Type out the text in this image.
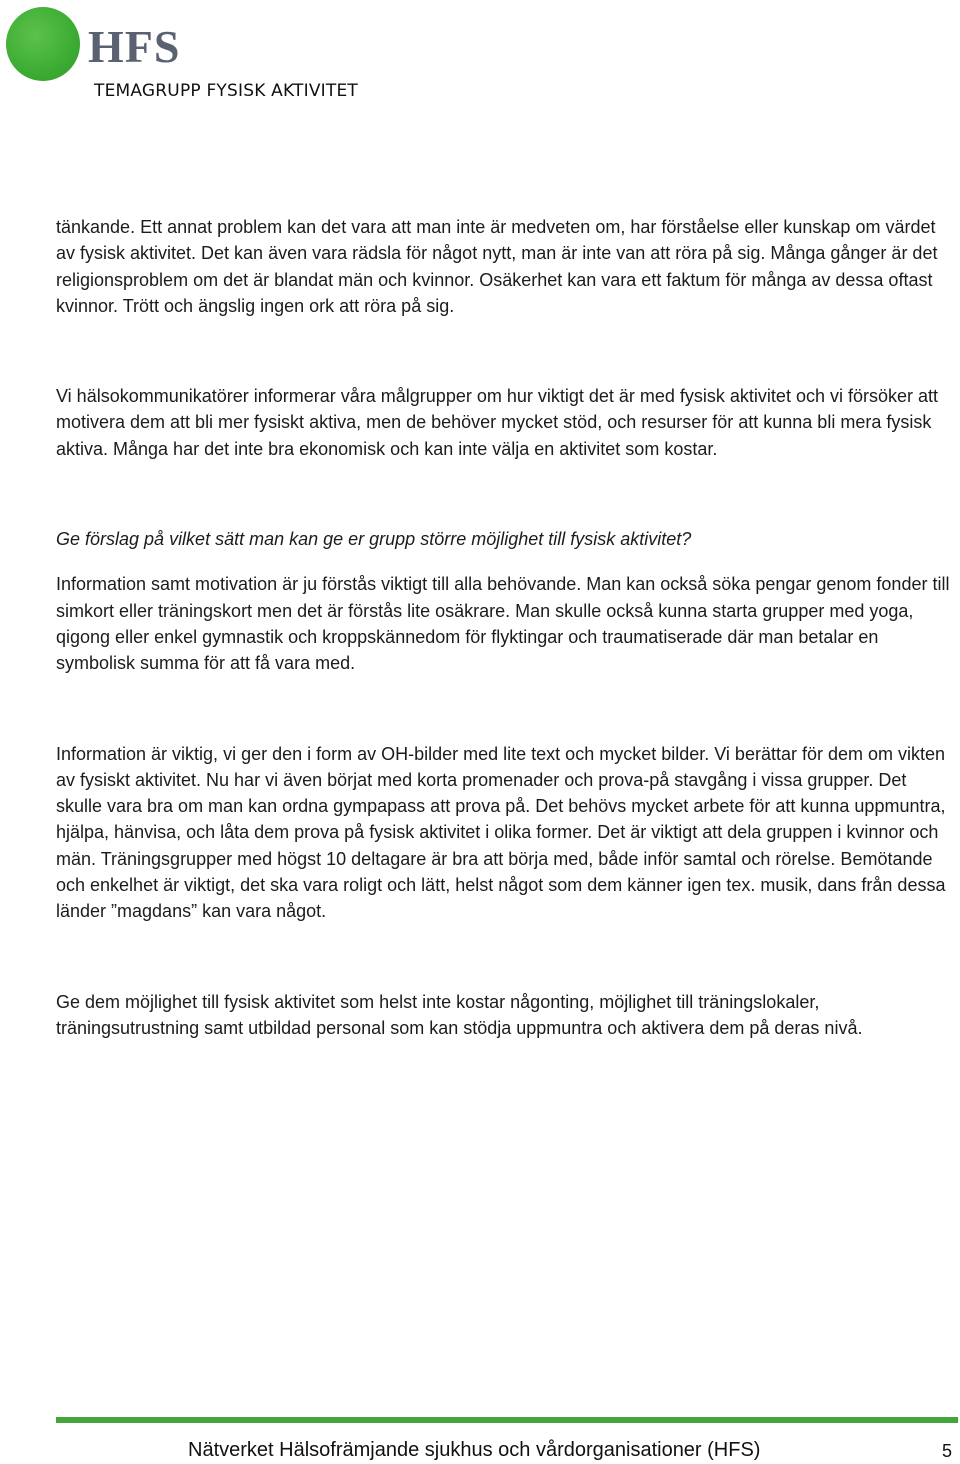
HFS
TEMAGRUPP FYSISK AKTIVITET

tänkande. Ett annat problem kan det vara att man inte är medveten om, har förståelse eller kunskap om värdet av fysisk aktivitet. Det kan även vara rädsla för något nytt, man är inte van att röra på sig. Många gånger är det religionsproblem om det är blandat män och kvinnor. Osäkerhet kan vara ett faktum för många av dessa oftast kvinnor. Trött och ängslig ingen ork att röra på sig.

Vi hälsokommunikatörer informerar våra målgrupper om hur viktigt det är med fysisk aktivitet och vi försöker att motivera dem att bli mer fysiskt aktiva, men de behöver mycket stöd, och resurser för att kunna bli mera fysisk aktiva. Många har det inte bra ekonomisk och kan inte välja en aktivitet som kostar.

Ge förslag på vilket sätt man kan ge er grupp större möjlighet till fysisk aktivitet?

Information samt motivation är ju förstås viktigt till alla behövande. Man kan också söka pengar genom fonder till simkort eller träningskort men det är förstås lite osäkrare. Man skulle också kunna starta grupper med yoga, qigong eller enkel gymnastik och kroppskännedom för flyktingar och traumatiserade där man betalar en symbolisk summa för att få vara med.

Information är viktig, vi ger den i form av OH-bilder med lite text och mycket bilder. Vi berättar för dem om vikten av fysiskt aktivitet. Nu har vi även börjat med korta promenader och prova-på stavgång i vissa grupper. Det skulle vara bra om man kan ordna gympapass att prova på. Det behövs mycket arbete för att kunna uppmuntra, hjälpa, hänvisa, och låta dem prova på fysisk aktivitet i olika former. Det är viktigt att dela gruppen i kvinnor och män. Träningsgrupper med högst 10 deltagare är bra att börja med, både inför samtal och rörelse. Bemötande och enkelhet är viktigt, det ska vara roligt och lätt, helst något som dem känner igen tex. musik, dans från dessa länder ”magdans” kan vara något.

Ge dem möjlighet till fysisk aktivitet som helst inte kostar någonting, möjlighet till träningslokaler, träningsutrustning samt utbildad personal som kan stödja uppmuntra och aktivera dem på deras nivå.

Nätverket Hälsofrämjande sjukhus och vårdorganisationer (HFS)	5
